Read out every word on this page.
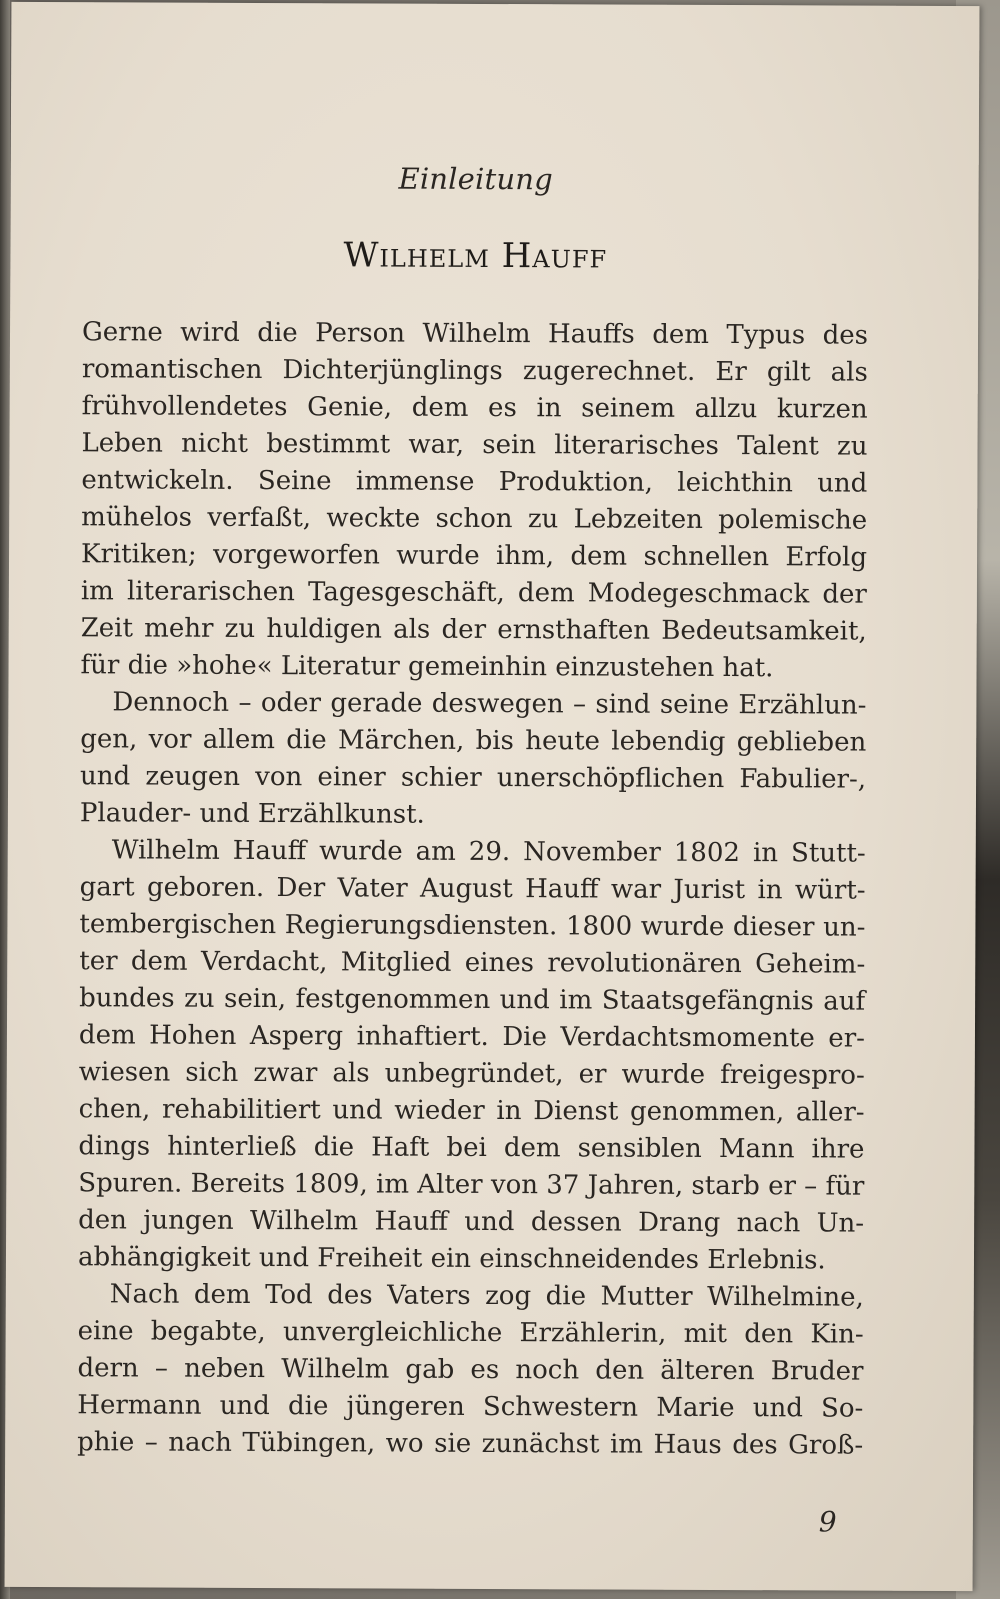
Einleitung
Wilhelm Hauff
Gerne wird die Person Wilhelm Hauffs dem Typus des
romantischen Dichterjünglings zugerechnet. Er gilt als
frühvollendetes Genie, dem es in seinem allzu kurzen
Leben nicht bestimmt war, sein literarisches Talent zu
entwickeln. Seine immense Produktion, leichthin und
mühelos verfaßt, weckte schon zu Lebzeiten polemische
Kritiken; vorgeworfen wurde ihm, dem schnellen Erfolg
im literarischen Tagesgeschäft, dem Modegeschmack der
Zeit mehr zu huldigen als der ernsthaften Bedeutsamkeit,
für die »hohe« Literatur gemeinhin einzustehen hat.
Dennoch – oder gerade deswegen – sind seine Erzählun-
gen, vor allem die Märchen, bis heute lebendig geblieben
und zeugen von einer schier unerschöpflichen Fabulier-,
Plauder- und Erzählkunst.
Wilhelm Hauff wurde am 29. November 1802 in Stutt-
gart geboren. Der Vater August Hauff war Jurist in würt-
tembergischen Regierungsdiensten. 1800 wurde dieser un-
ter dem Verdacht, Mitglied eines revolutionären Geheim-
bundes zu sein, festgenommen und im Staatsgefängnis auf
dem Hohen Asperg inhaftiert. Die Verdachtsmomente er-
wiesen sich zwar als unbegründet, er wurde freigespro-
chen, rehabilitiert und wieder in Dienst genommen, aller-
dings hinterließ die Haft bei dem sensiblen Mann ihre
Spuren. Bereits 1809, im Alter von 37 Jahren, starb er – für
den jungen Wilhelm Hauff und dessen Drang nach Un-
abhängigkeit und Freiheit ein einschneidendes Erlebnis.
Nach dem Tod des Vaters zog die Mutter Wilhelmine,
eine begabte, unvergleichliche Erzählerin, mit den Kin-
dern – neben Wilhelm gab es noch den älteren Bruder
Hermann und die jüngeren Schwestern Marie und So-
phie – nach Tübingen, wo sie zunächst im Haus des Groß-
9
